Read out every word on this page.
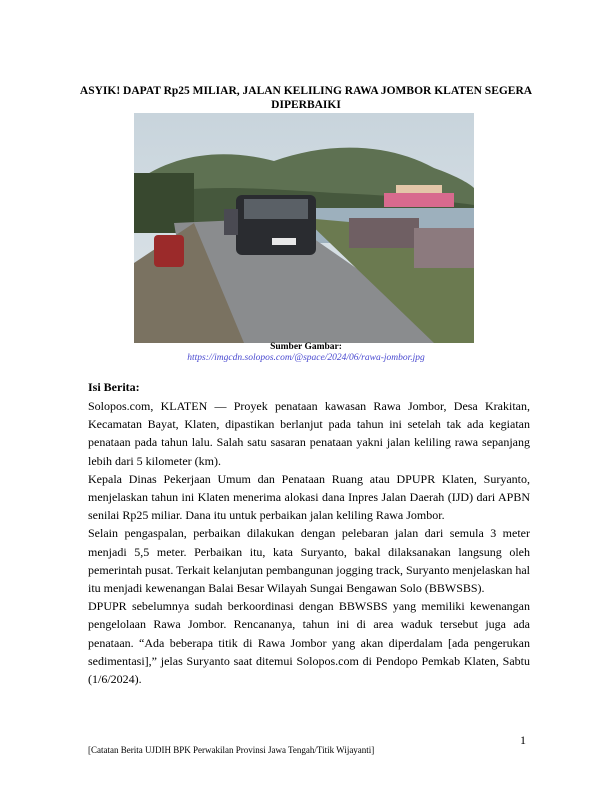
ASYIK! DAPAT Rp25 MILIAR, JALAN KELILING RAWA JOMBOR KLATEN SEGERA DIPERBAIKI
Sumber Gambar:
https://imgcdn.solopos.com/@space/2024/06/rawa-jombor.jpg
Isi Berita:

Solopos.com, KLATEN — Proyek penataan kawasan Rawa Jombor, Desa Krakitan, Kecamatan Bayat, Klaten, dipastikan berlanjut pada tahun ini setelah tak ada kegiatan penataan pada tahun lalu. Salah satu sasaran penataan yakni jalan keliling rawa sepanjang lebih dari 5 kilometer (km).

Kepala Dinas Pekerjaan Umum dan Penataan Ruang atau DPUPR Klaten, Suryanto, menjelaskan tahun ini Klaten menerima alokasi dana Inpres Jalan Daerah (IJD) dari APBN senilai Rp25 miliar. Dana itu untuk perbaikan jalan keliling Rawa Jombor.

Selain pengaspalan, perbaikan dilakukan dengan pelebaran jalan dari semula 3 meter menjadi 5,5 meter. Perbaikan itu, kata Suryanto, bakal dilaksanakan langsung oleh pemerintah pusat. Terkait kelanjutan pembangunan jogging track, Suryanto menjelaskan hal itu menjadi kewenangan Balai Besar Wilayah Sungai Bengawan Solo (BBWSBS).

DPUPR sebelumnya sudah berkoordinasi dengan BBWSBS yang memiliki kewenangan pengelolaan Rawa Jombor. Rencananya, tahun ini di area waduk tersebut juga ada penataan. “Ada beberapa titik di Rawa Jombor yang akan diperdalam [ada pengerukan sedimentasi],” jelas Suryanto saat ditemui Solopos.com di Pendopo Pemkab Klaten, Sabtu (1/6/2024).

1
[Catatan Berita UJDIH BPK Perwakilan Provinsi Jawa Tengah/Titik Wijayanti]
